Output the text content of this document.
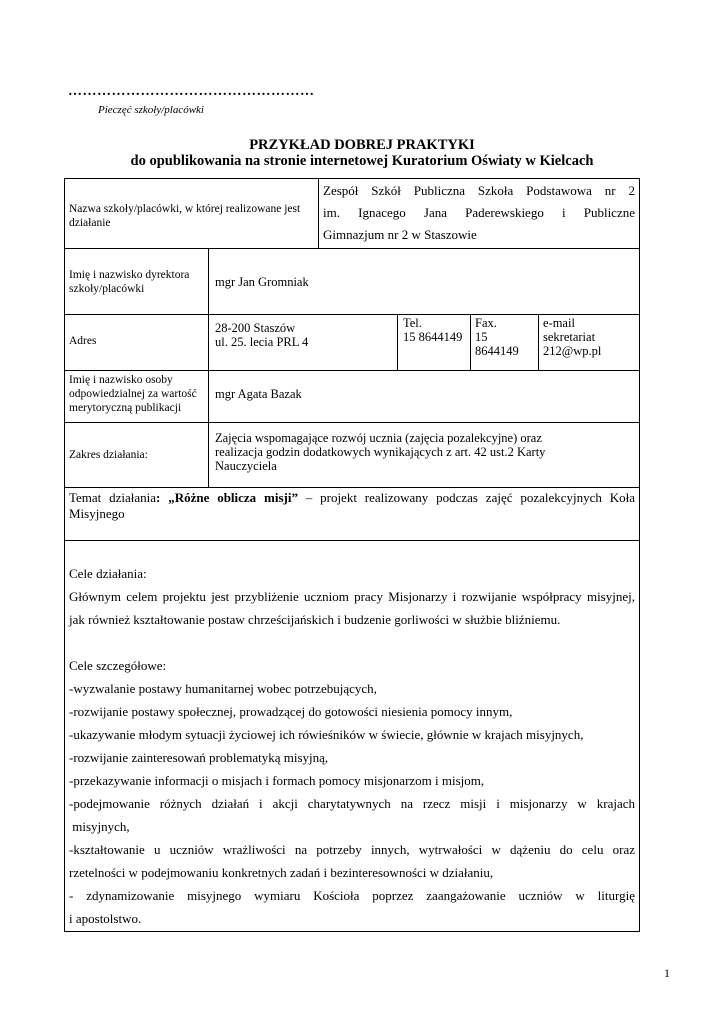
……………………………………………
Pieczęć szkoły/placówki
PRZYKŁAD DOBREJ PRAKTYKI
do opublikowania na stronie internetowej Kuratorium Oświaty w Kielcach
Nazwa szkoły/placówki, w której realizowane jest działanie
Zespół Szkół Publiczna Szkoła Podstawowa nr 2
im. Ignacego Jana Paderewskiego i Publiczne
Gimnazjum nr 2 w Staszowie
Imię i nazwisko dyrektora szkoły/placówki	mgr Jan Gromniak
Adres
28-200 Staszów
ul. 25. lecia PRL 4
Tel.
15 8644149
Fax.
15
8644149
e-mail
sekretariat
212@wp.pl
Imię i nazwisko osoby odpowiedzialnej za wartość merytoryczną publikacji
mgr Agata Bazak
Zakres działania:
Zajęcia wspomagające rozwój ucznia (zajęcia pozalekcyjne) oraz
realizacja godzin dodatkowych wynikających z art. 42 ust.2 Karty
Nauczyciela
Temat działania: „Różne oblicza misji” – projekt realizowany podczas zajęć pozalekcyjnych Koła
Misyjnego
Cele działania:
Głównym celem projektu jest przybliżenie uczniom pracy Misjonarzy i rozwijanie współpracy misyjnej,
jak również kształtowanie postaw chrześcijańskich i budzenie gorliwości w służbie bliźniemu.
Cele szczegółowe:
-wyzwalanie postawy humanitarnej wobec potrzebujących,
-rozwijanie postawy społecznej, prowadzącej do gotowości niesienia pomocy innym,
-ukazywanie młodym sytuacji życiowej ich rówieśników w świecie, głównie w krajach misyjnych,
-rozwijanie zainteresowań problematyką misyjną,
-przekazywanie informacji o misjach i formach pomocy misjonarzom i misjom,
-podejmowanie różnych działań i akcji charytatywnych na rzecz misji i misjonarzy w krajach
misyjnych,
-kształtowanie u uczniów wrażliwości na potrzeby innych, wytrwałości w dążeniu do celu oraz
rzetelności w podejmowaniu konkretnych zadań i bezinteresowności w działaniu,
- zdynamizowanie misyjnego wymiaru Kościoła poprzez zaangażowanie uczniów w liturgię
i apostolstwo.
1
